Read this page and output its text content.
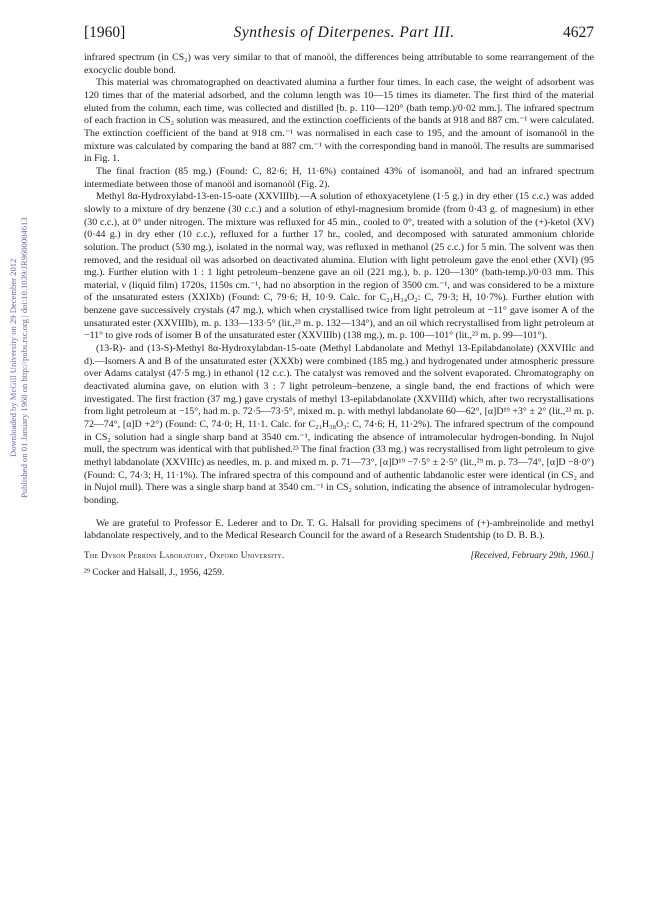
Downloaded by McGill University on 29 December 2012 Published on 01 January 1960 on http://pubs.rsc.org | doi:10.1039/JR9600004613
[1960]	Synthesis of Diterpenes. Part III.	4627

infrared spectrum (in CS₂) was very similar to that of manoöl, the differences being attributable to some rearrangement of the exocyclic double bond.

This material was chromatographed on deactivated alumina a further four times. In each case, the weight of adsorbent was 120 times that of the material adsorbed, and the column length was 10—15 times its diameter. The first third of the material eluted from the column, each time, was collected and distilled [b. p. 110—120° (bath temp.)/0·02 mm.]. The infrared spectrum of each fraction in CS₂ solution was measured, and the extinction coefficients of the bands at 918 and 887 cm.⁻¹ were calculated. The extinction coefficient of the band at 918 cm.⁻¹ was normalised in each case to 195, and the amount of isomanoöl in the mixture was calculated by comparing the band at 887 cm.⁻¹ with the corresponding band in manoöl. The results are summarised in Fig. 1.

The final fraction (85 mg.) (Found: C, 82·6; H, 11·6%) contained 43% of isomanoöl, and had an infrared spectrum intermediate between those of manoöl and isomanoöl (Fig. 2).

Methyl 8α-Hydroxylabd-13-en-15-oate (XXVIIIb).—A solution of ethoxyacetylene (1·5 g.) in dry ether (15 c.c.) was added slowly to a mixture of dry benzene (30 c.c.) and a solution of ethyl-magnesium bromide (from 0·43 g. of magnesium) in ether (30 c.c.), at 0° under nitrogen. The mixture was refluxed for 45 min., cooled to 0°, treated with a solution of the (+)-ketol (XV) (0·44 g.) in dry ether (10 c.c.), refluxed for a further 17 hr., cooled, and decomposed with saturated ammonium chloride solution. The product (530 mg.), isolated in the normal way, was refluxed in methanol (25 c.c.) for 5 min. The solvent was then removed, and the residual oil was adsorbed on deactivated alumina. Elution with light petroleum gave the enol ether (XVI) (95 mg.). Further elution with 1 : 1 light petroleum–benzene gave an oil (221 mg.), b. p. 120—130° (bath-temp.)/0·03 mm. This material, ν (liquid film) 1720s, 1150s cm.⁻¹, had no absorption in the region of 3500 cm.⁻¹, and was considered to be a mixture of the unsaturated esters (XXIXb) (Found: C, 79·6; H, 10·9. Calc. for C₂₁H₃₄O₂: C, 79·3; H, 10·7%). Further elution with benzene gave successively crystals (47 mg.), which when crystallised twice from light petroleum at −11° gave isomer A of the unsaturated ester (XXVIIIb), m. p. 133—133·5° (lit.,²³ m. p. 132—134°), and an oil which recrystallised from light petroleum at −11° to give rods of isomer B of the unsaturated ester (XXVIIIb) (138 mg.), m. p. 100—101° (lit.,²³ m. p. 99—101°).

(13-R)- and (13-S)-Methyl 8α-Hydroxylabdan-15-oate (Methyl Labdanolate and Methyl 13-Epilabdanolate) (XXVIIIc and d).—Isomers A and B of the unsaturated ester (XXXb) were combined (185 mg.) and hydrogenated under atmospheric pressure over Adams catalyst (47·5 mg.) in ethanol (12 c.c.). The catalyst was removed and the solvent evaporated. Chromatography on deactivated alumina gave, on elution with 3 : 7 light petroleum–benzene, a single band, the end fractions of which were investigated. The first fraction (37 mg.) gave crystals of methyl 13-epilabdanolate (XXVIIId) which, after two recrystallisations from light petroleum at −15°, had m. p. 72·5—73·5°, mixed m. p. with methyl labdanolate 60—62°, [α]D¹⁹ +3° ± 2° (lit.,²³ m. p. 72—74°, [α]D +2°) (Found: C, 74·0; H, 11·1. Calc. for C₂₁H₃₈O₃: C, 74·6; H, 11·2%). The infrared spectrum of the compound in CS₂ solution had a single sharp band at 3540 cm.⁻¹, indicating the absence of intramolecular hydrogen-bonding. In Nujol mull, the spectrum was identical with that published.²³ The final fraction (33 mg.) was recrystallised from light petroleum to give methyl labdanolate (XXVIIIc) as needles, m. p. and mixed m. p. 71—73°, [α]D¹⁹ −7·5° ± 2·5° (lit.,²⁹ m. p. 73—74°, [α]D −8·0°) (Found: C, 74·3; H, 11·1%). The infrared spectra of this compound and of authentic labdanolic ester were identical (in CS₂ and in Nujol mull). There was a single sharp band at 3540 cm.⁻¹ in CS₂ solution, indicating the absence of intramolecular hydrogen-bonding.

We are grateful to Professor E. Lederer and to Dr. T. G. Halsall for providing specimens of (+)-ambreinolide and methyl labdanolate respectively, and to the Medical Research Council for the award of a Research Studentship (to D. B. B.).

The Dyson Perrins Laboratory, Oxford University.	[Received, February 29th, 1960.]
²⁹ Cocker and Halsall, J., 1956, 4259.
